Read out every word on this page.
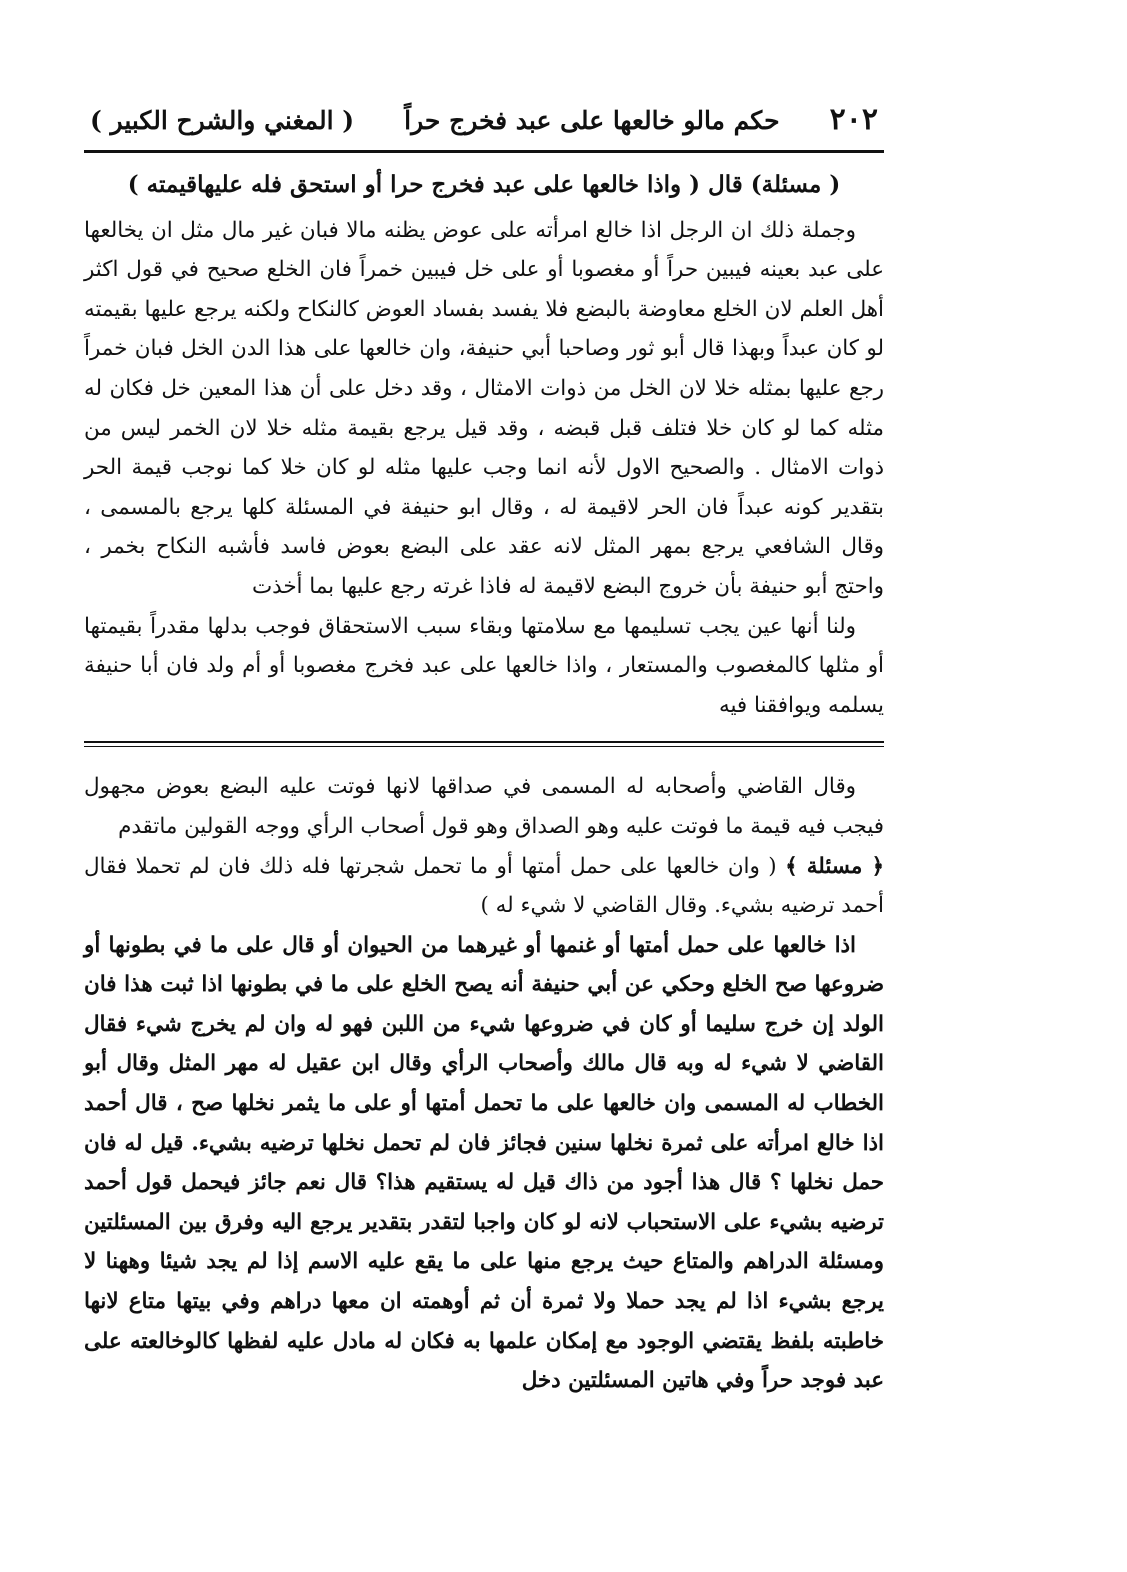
٢٠٢
حكم مالو خالعها على عبد فخرج حراً
( المغني والشرح الكبير )

( مسئلة) قال ( واذا خالعها على عبد فخرج حرا أو استحق فله عليهاقيمته )

وجملة ذلك ان الرجل اذا خالع امرأته على عوض يظنه مالا فبان غير مال مثل ان يخالعها على عبد بعينه فيبين حراً أو مغصوبا أو على خل فيبين خمراً فان الخلع صحيح في قول اكثر أهل العلم لان الخلع معاوضة بالبضع فلا يفسد بفساد العوض كالنكاح ولكنه يرجع عليها بقيمته لو كان عبداً وبهذا قال أبو ثور وصاحبا أبي حنيفة، وان خالعها على هذا الدن الخل فبان خمراً رجع عليها بمثله خلا لان الخل من ذوات الامثال ، وقد دخل على أن هذا المعين خل فكان له مثله كما لو كان خلا فتلف قبل قبضه ، وقد قيل يرجع بقيمة مثله خلا لان الخمر ليس من ذوات الامثال . والصحيح الاول لأنه انما وجب عليها مثله لو كان خلا كما نوجب قيمة الحر بتقدير كونه عبداً فان الحر لاقيمة له ، وقال ابو حنيفة في المسئلة كلها يرجع بالمسمى ، وقال الشافعي يرجع بمهر المثل لانه عقد على البضع بعوض فاسد فأشبه النكاح بخمر ، واحتج أبو حنيفة بأن خروج البضع لاقيمة له فاذا غرته رجع عليها بما أخذت

ولنا أنها عين يجب تسليمها مع سلامتها وبقاء سبب الاستحقاق فوجب بدلها مقدراً بقيمتها أو مثلها كالمغصوب والمستعار ، واذا خالعها على عبد فخرج مغصوبا أو أم ولد فان أبا حنيفة يسلمه ويوافقنا فيه

وقال القاضي وأصحابه له المسمى في صداقها لانها فوتت عليه البضع بعوض مجهول فيجب فيه قيمة ما فوتت عليه وهو الصداق وهو قول أصحاب الرأي ووجه القولين ماتقدم

﴿ مسئلة ﴾ ( وان خالعها على حمل أمتها أو ما تحمل شجرتها فله ذلك فان لم تحملا فقال أحمد ترضيه بشيء. وقال القاضي لا شيء له )

اذا خالعها على حمل أمتها أو غنمها أو غيرهما من الحيوان أو قال على ما في بطونها أو ضروعها صح الخلع وحكي عن أبي حنيفة أنه يصح الخلع على ما في بطونها اذا ثبت هذا فان الولد إن خرج سليما أو كان في ضروعها شيء من اللبن فهو له وان لم يخرج شيء فقال القاضي لا شيء له وبه قال مالك وأصحاب الرأي وقال ابن عقيل له مهر المثل وقال أبو الخطاب له المسمى وان خالعها على ما تحمل أمتها أو على ما يثمر نخلها صح ، قال أحمد اذا خالع امرأته على ثمرة نخلها سنين فجائز فان لم تحمل نخلها ترضيه بشيء. قيل له فان حمل نخلها ؟ قال هذا أجود من ذاك قيل له يستقيم هذا؟ قال نعم جائز فيحمل قول أحمد ترضيه بشيء على الاستحباب لانه لو كان واجبا لتقدر بتقدير يرجع اليه وفرق بين المسئلتين ومسئلة الدراهم والمتاع حيث يرجع منها على ما يقع عليه الاسم إذا لم يجد شيئا وههنا لا يرجع بشيء اذا لم يجد حملا ولا ثمرة أن ثم أوهمته ان معها دراهم وفي بيتها متاع لانها خاطبته بلفظ يقتضي الوجود مع إمكان علمها به فكان له مادل عليه لفظها كالوخالعته على عبد فوجد حراً وفي هاتين المسئلتين دخل
